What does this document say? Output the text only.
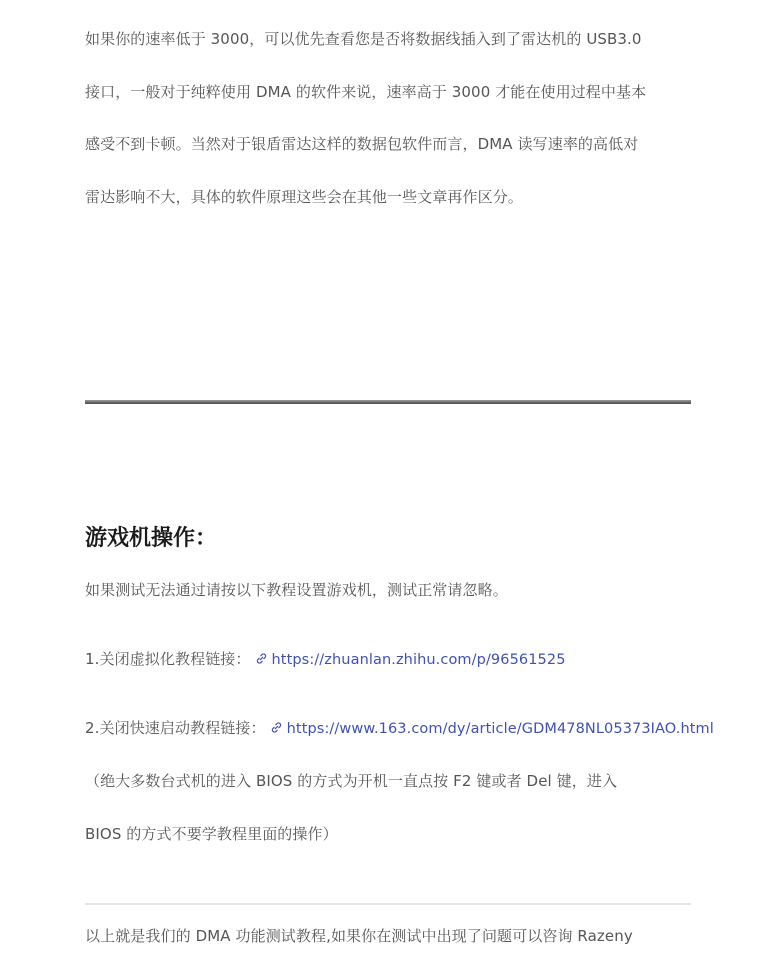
如果你的速率低于 3000，可以优先查看您是否将数据线插入到了雷达机的 USB3.0
接口，一般对于纯粹使用 DMA 的软件来说，速率高于 3000 才能在使用过程中基本
感受不到卡顿。当然对于银盾雷达这样的数据包软件而言，DMA 读写速率的高低对
雷达影响不大，具体的软件原理这些会在其他一些文章再作区分。
游戏机操作：
如果测试无法通过请按以下教程设置游戏机，测试正常请忽略。
1.关闭虚拟化教程链接： https://zhuanlan.zhihu.com/p/96561525
2.关闭快速启动教程链接： https://www.163.com/dy/article/GDM478NL05373IAO.html
（绝大多数台式机的进入 BIOS 的方式为开机一直点按 F2 键或者 Del 键，进入
BIOS 的方式不要学教程里面的操作）
以上就是我们的 DMA 功能测试教程,如果你在测试中出现了问题可以咨询 Razeny
